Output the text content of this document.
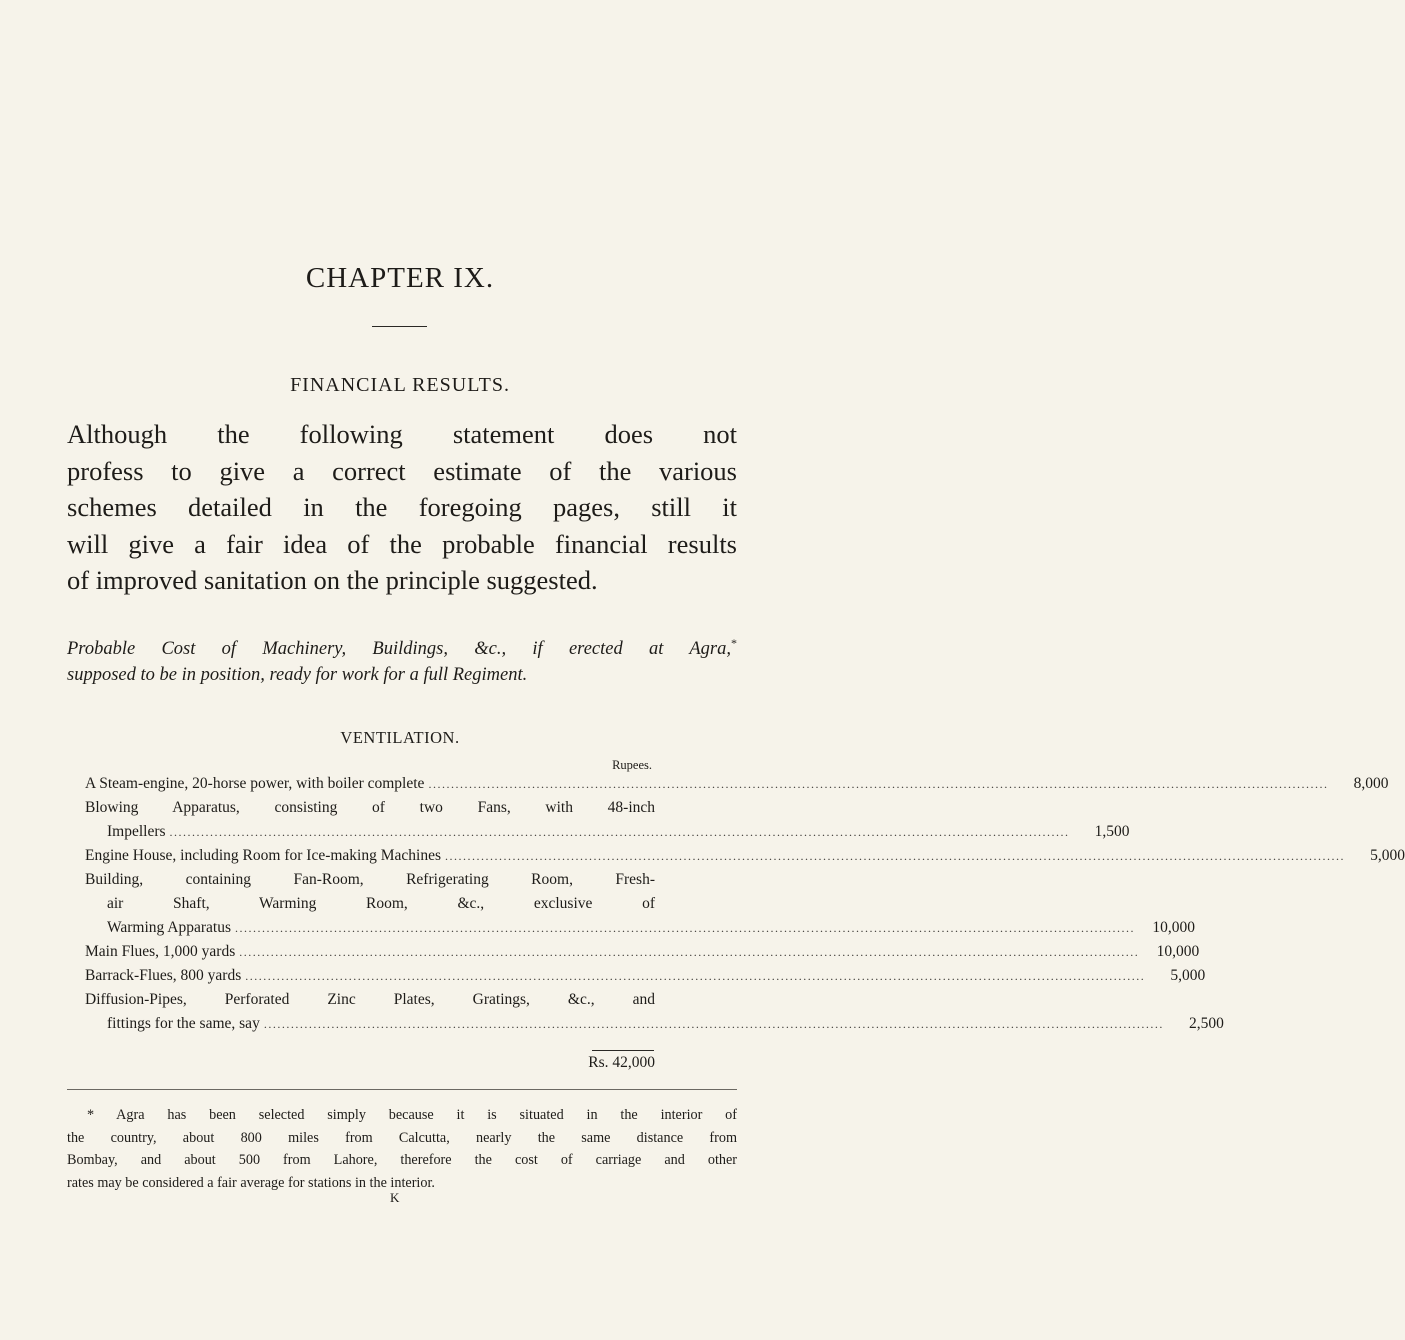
CHAPTER IX.
FINANCIAL RESULTS.
Although the following statement does not
profess to give a correct estimate of the various
schemes detailed in the foregoing pages, still it
will give a fair idea of the probable financial results
of improved sanitation on the principle suggested.
Probable Cost of Machinery, Buildings, &c., if erected at Agra,*
supposed to be in position, ready for work for a full Regiment.
VENTILATION.
Rupees.
A Steam-engine, 20-horse power, with boiler complete ........................................................................................................................................................................................................	8,000
Blowing Apparatus, consisting of two Fans, with 48-inch
Impellers ........................................................................................................................................................................................................	1,500
Engine House, including Room for Ice-making Machines ........................................................................................................................................................................................................	5,000
Building, containing Fan-Room, Refrigerating Room, Fresh-
air Shaft, Warming Room, &c., exclusive of
Warming Apparatus ........................................................................................................................................................................................................	10,000
Main Flues, 1,000 yards ........................................................................................................................................................................................................	10,000
Barrack-Flues, 800 yards ........................................................................................................................................................................................................	5,000
Diffusion-Pipes, Perforated Zinc Plates, Gratings, &c., and
fittings for the same, say ........................................................................................................................................................................................................	2,500
Rs. 42,000
* Agra has been selected simply because it is situated in the interior of
the country, about 800 miles from Calcutta, nearly the same distance from
Bombay, and about 500 from Lahore, therefore the cost of carriage and other
rates may be considered a fair average for stations in the interior.
K
